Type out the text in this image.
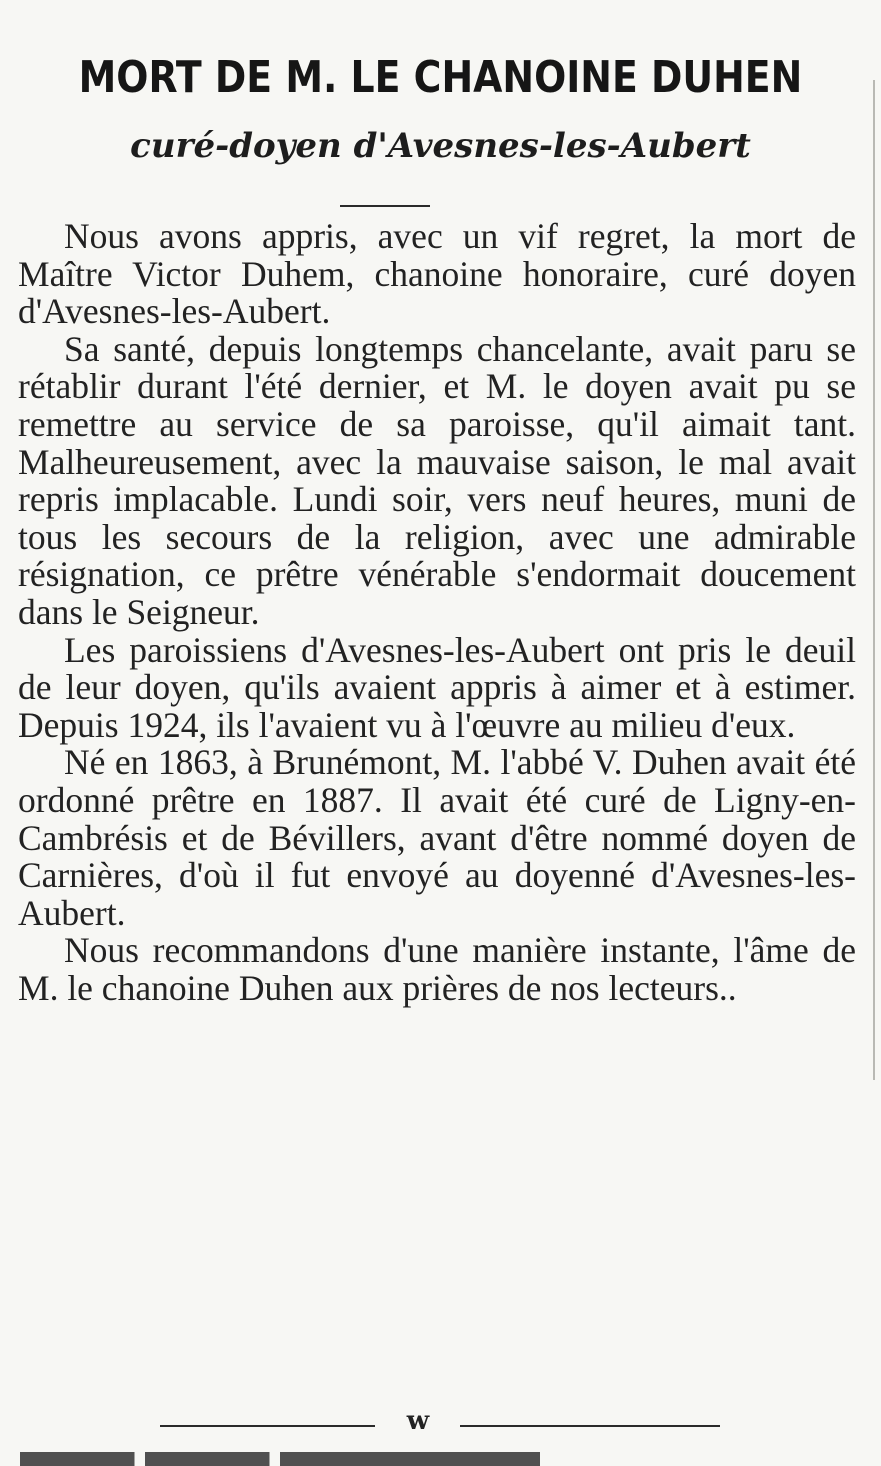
MORT DE M. LE CHANOINE DUHEN
curé-doyen d'Avesnes-les-Aubert

Nous avons appris, avec un vif regret, la mort de Maître Victor Duhem, chanoine honoraire, curé doyen d'Avesnes-les-Aubert.

Sa santé, depuis longtemps chancelante, avait paru se rétablir durant l'été dernier, et M. le doyen avait pu se remettre au service de sa paroisse, qu'il aimait tant. Malheureusement, avec la mauvaise saison, le mal avait repris implacable. Lundi soir, vers neuf heures, muni de tous les secours de la religion, avec une admirable résignation, ce prêtre vénérable s'endormait doucement dans le Seigneur.

Les paroissiens d'Avesnes-les-Aubert ont pris le deuil de leur doyen, qu'ils avaient appris à aimer et à estimer. Depuis 1924, ils l'avaient vu à l'œuvre au milieu d'eux.

Né en 1863, à Brunémont, M. l'abbé V. Duhen avait été ordonné prêtre en 1887. Il avait été curé de Ligny-en-Cambrésis et de Bévillers, avant d'être nommé doyen de Carnières, d'où il fut envoyé au doyenné d'Avesnes-les-Aubert.

Nous recommandons d'une manière instante, l'âme de M. le chanoine Duhen aux prières de nos lecteurs..

w
